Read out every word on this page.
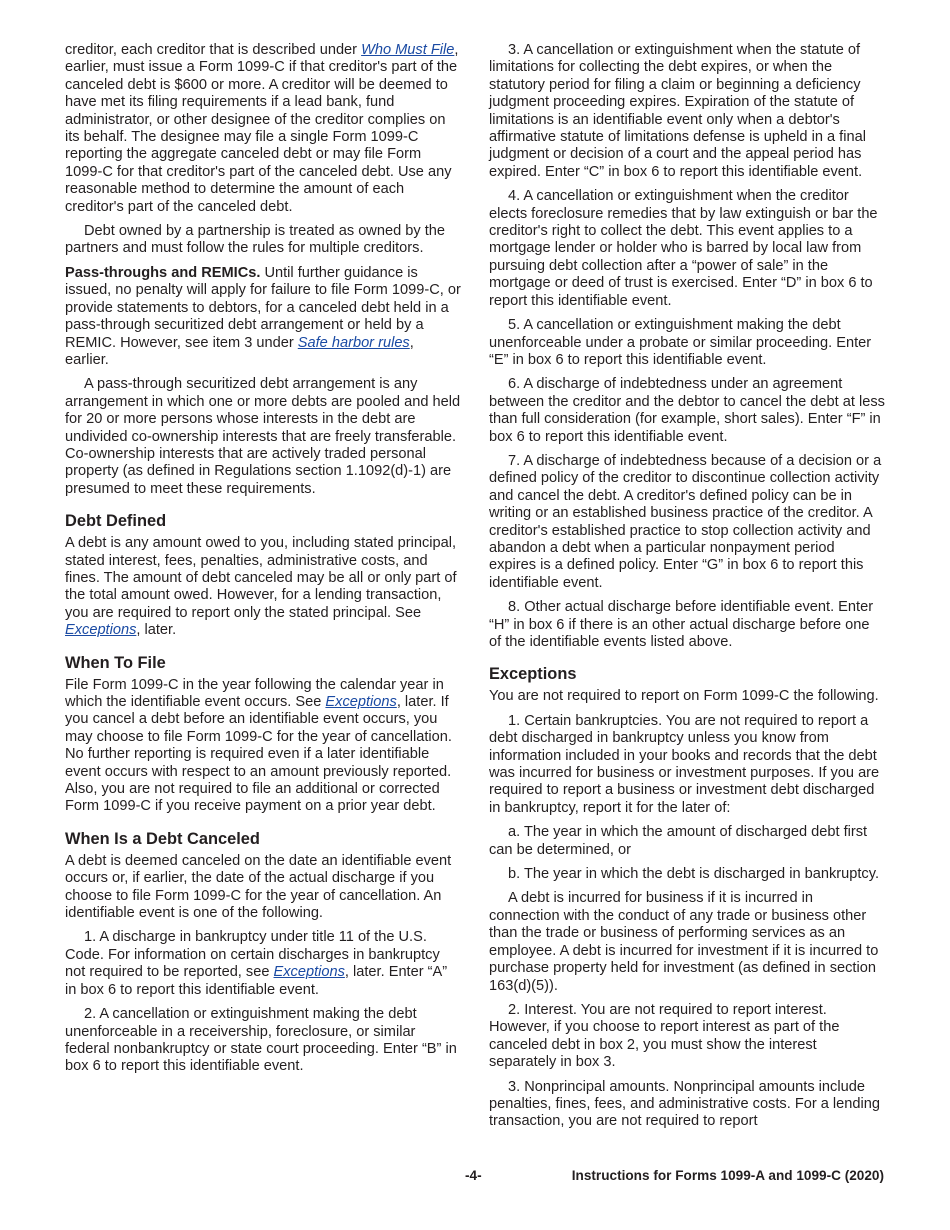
creditor, each creditor that is described under Who Must File, earlier, must issue a Form 1099-C if that creditor's part of the canceled debt is $600 or more. A creditor will be deemed to have met its filing requirements if a lead bank, fund administrator, or other designee of the creditor complies on its behalf. The designee may file a single Form 1099-C reporting the aggregate canceled debt or may file Form 1099-C for that creditor's part of the canceled debt. Use any reasonable method to determine the amount of each creditor's part of the canceled debt.

Debt owned by a partnership is treated as owned by the partners and must follow the rules for multiple creditors.

Pass-throughs and REMICs. Until further guidance is issued, no penalty will apply for failure to file Form 1099-C, or provide statements to debtors, for a canceled debt held in a pass-through securitized debt arrangement or held by a REMIC. However, see item 3 under Safe harbor rules, earlier.

A pass-through securitized debt arrangement is any arrangement in which one or more debts are pooled and held for 20 or more persons whose interests in the debt are undivided co-ownership interests that are freely transferable. Co-ownership interests that are actively traded personal property (as defined in Regulations section 1.1092(d)-1) are presumed to meet these requirements.

Debt Defined

A debt is any amount owed to you, including stated principal, stated interest, fees, penalties, administrative costs, and fines. The amount of debt canceled may be all or only part of the total amount owed. However, for a lending transaction, you are required to report only the stated principal. See Exceptions, later.

When To File

File Form 1099-C in the year following the calendar year in which the identifiable event occurs. See Exceptions, later. If you cancel a debt before an identifiable event occurs, you may choose to file Form 1099-C for the year of cancellation. No further reporting is required even if a later identifiable event occurs with respect to an amount previously reported. Also, you are not required to file an additional or corrected Form 1099-C if you receive payment on a prior year debt.

When Is a Debt Canceled

A debt is deemed canceled on the date an identifiable event occurs or, if earlier, the date of the actual discharge if you choose to file Form 1099-C for the year of cancellation. An identifiable event is one of the following.

1. A discharge in bankruptcy under title 11 of the U.S. Code. For information on certain discharges in bankruptcy not required to be reported, see Exceptions, later. Enter “A” in box 6 to report this identifiable event.

2. A cancellation or extinguishment making the debt unenforceable in a receivership, foreclosure, or similar federal nonbankruptcy or state court proceeding. Enter “B” in box 6 to report this identifiable event.

3. A cancellation or extinguishment when the statute of limitations for collecting the debt expires, or when the statutory period for filing a claim or beginning a deficiency judgment proceeding expires. Expiration of the statute of limitations is an identifiable event only when a debtor's affirmative statute of limitations defense is upheld in a final judgment or decision of a court and the appeal period has expired. Enter “C” in box 6 to report this identifiable event.

4. A cancellation or extinguishment when the creditor elects foreclosure remedies that by law extinguish or bar the creditor's right to collect the debt. This event applies to a mortgage lender or holder who is barred by local law from pursuing debt collection after a “power of sale” in the mortgage or deed of trust is exercised. Enter “D” in box 6 to report this identifiable event.

5. A cancellation or extinguishment making the debt unenforceable under a probate or similar proceeding. Enter “E” in box 6 to report this identifiable event.

6. A discharge of indebtedness under an agreement between the creditor and the debtor to cancel the debt at less than full consideration (for example, short sales). Enter “F” in box 6 to report this identifiable event.

7. A discharge of indebtedness because of a decision or a defined policy of the creditor to discontinue collection activity and cancel the debt. A creditor's defined policy can be in writing or an established business practice of the creditor. A creditor's established practice to stop collection activity and abandon a debt when a particular nonpayment period expires is a defined policy. Enter “G” in box 6 to report this identifiable event.

8. Other actual discharge before identifiable event. Enter “H” in box 6 if there is an other actual discharge before one of the identifiable events listed above.

Exceptions

You are not required to report on Form 1099-C the following.

1. Certain bankruptcies. You are not required to report a debt discharged in bankruptcy unless you know from information included in your books and records that the debt was incurred for business or investment purposes. If you are required to report a business or investment debt discharged in bankruptcy, report it for the later of:

a. The year in which the amount of discharged debt first can be determined, or

b. The year in which the debt is discharged in bankruptcy.

A debt is incurred for business if it is incurred in connection with the conduct of any trade or business other than the trade or business of performing services as an employee. A debt is incurred for investment if it is incurred to purchase property held for investment (as defined in section 163(d)(5)).

2. Interest. You are not required to report interest. However, if you choose to report interest as part of the canceled debt in box 2, you must show the interest separately in box 3.

3. Nonprincipal amounts. Nonprincipal amounts include penalties, fines, fees, and administrative costs. For a lending transaction, you are not required to report

-4-	Instructions for Forms 1099-A and 1099-C (2020)
